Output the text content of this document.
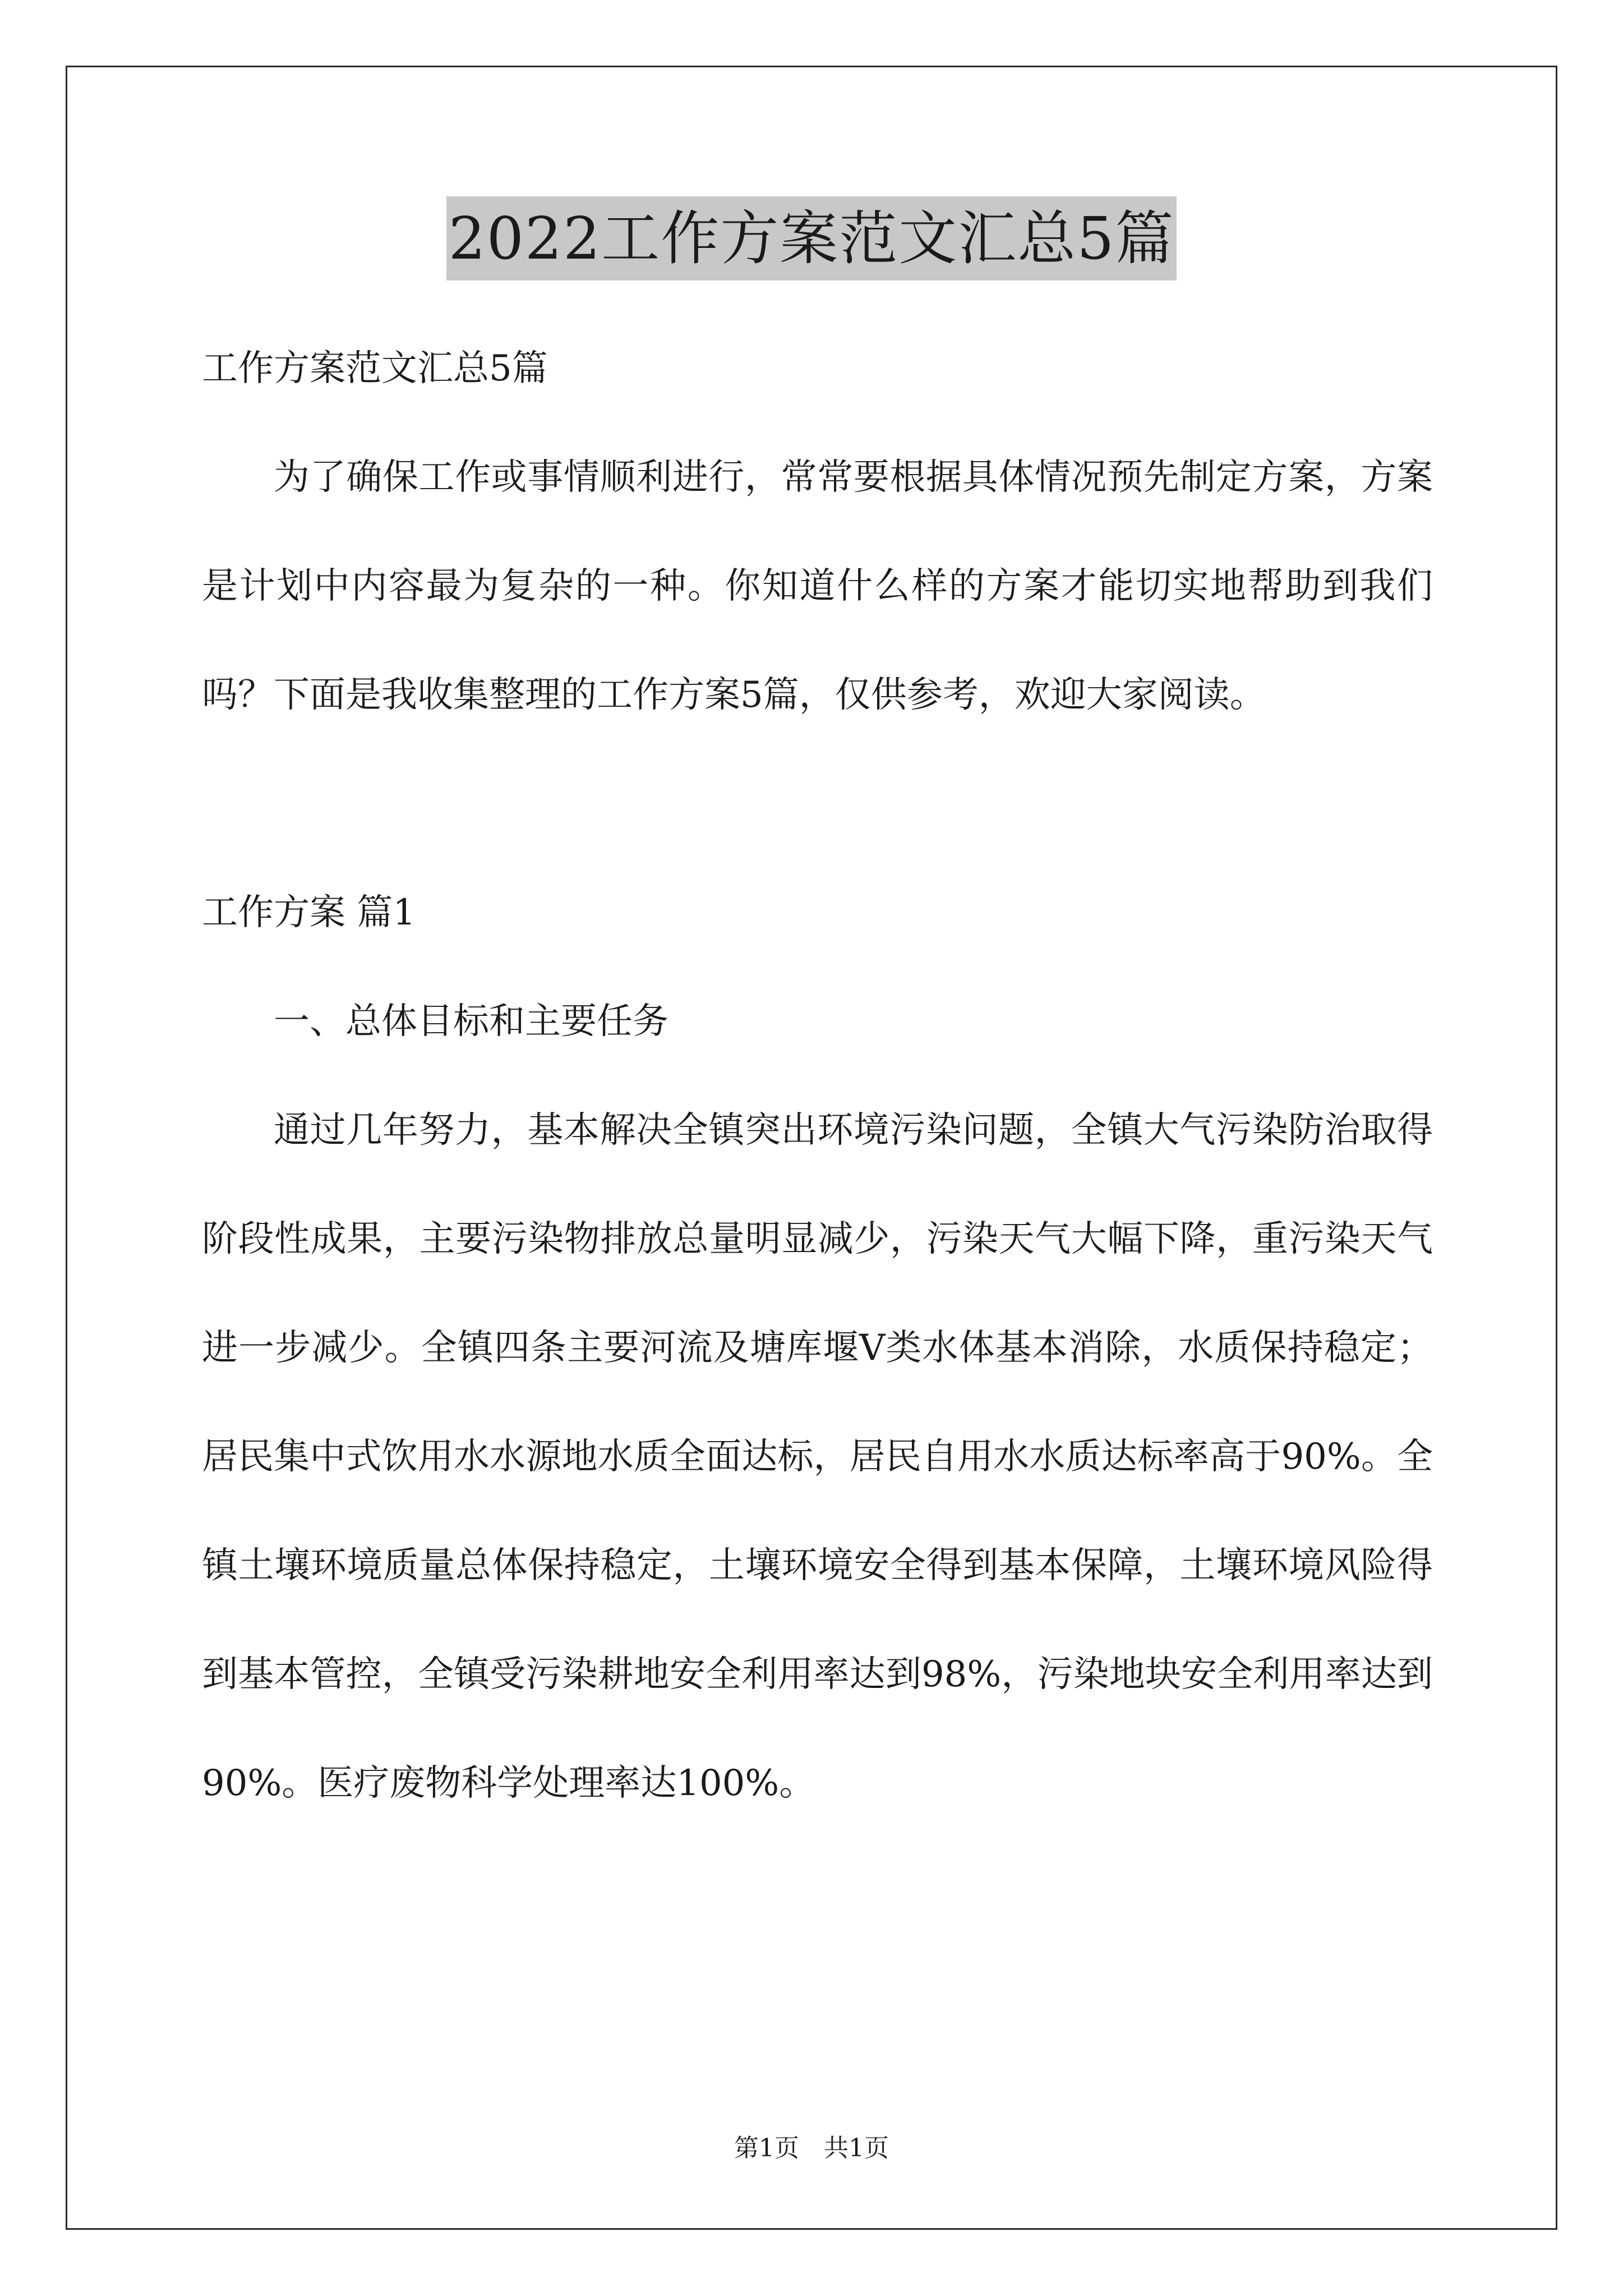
2022工作方案范文汇总5篇

工作方案范文汇总5篇

为了确保工作或事情顺利进行，常常要根据具体情况预先制定方案，方案是计划中内容最为复杂的一种。你知道什么样的方案才能切实地帮助到我们吗？下面是我收集整理的工作方案5篇，仅供参考，欢迎大家阅读。

工作方案 篇1

一、总体目标和主要任务

通过几年努力，基本解决全镇突出环境污染问题，全镇大气污染防治取得阶段性成果，主要污染物排放总量明显减少，污染天气大幅下降，重污染天气进一步减少。全镇四条主要河流及塘库堰Ⅴ类水体基本消除，水质保持稳定；居民集中式饮用水水源地水质全面达标，居民自用水水质达标率高于90%。全镇土壤环境质量总体保持稳定，土壤环境安全得到基本保障，土壤环境风险得到基本管控，全镇受污染耕地安全利用率达到98%，污染地块安全利用率达到90%。医疗废物科学处理率达100%。

第1页　共1页
